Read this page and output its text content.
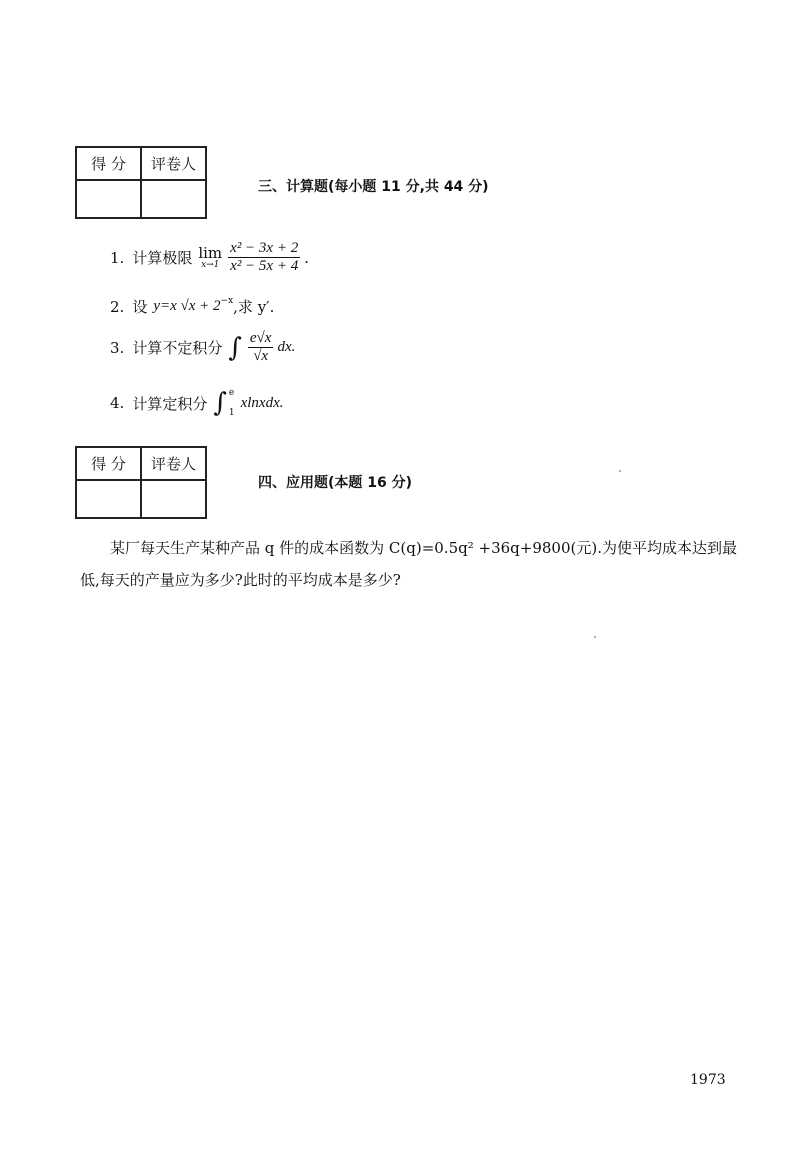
得 分	评卷人

三、计算题(每小题 11 分,共 44 分)
1. 计算极限 lim
$x\to 1 \frac{\text{x² − 3x + 2}}{\text{x² − 5x + 4}}$ .
2. 设 y=x $√x + 2^{-x}$ ,求 y′.
3. 计算不定积分 ∫ $\frac{e√x}{√x}$ dx.
4. 计算定积分 ∫ e
1
xlnxdx.
得 分	评卷人

四、应用题(本题 16 分)
某厂每天生产某种产品 q 件的成本函数为 C(q)=0.5q² +36q+9800(元).为使平均成本达到最低,每天的产量应为多少?此时的平均成本是多少?
1973
